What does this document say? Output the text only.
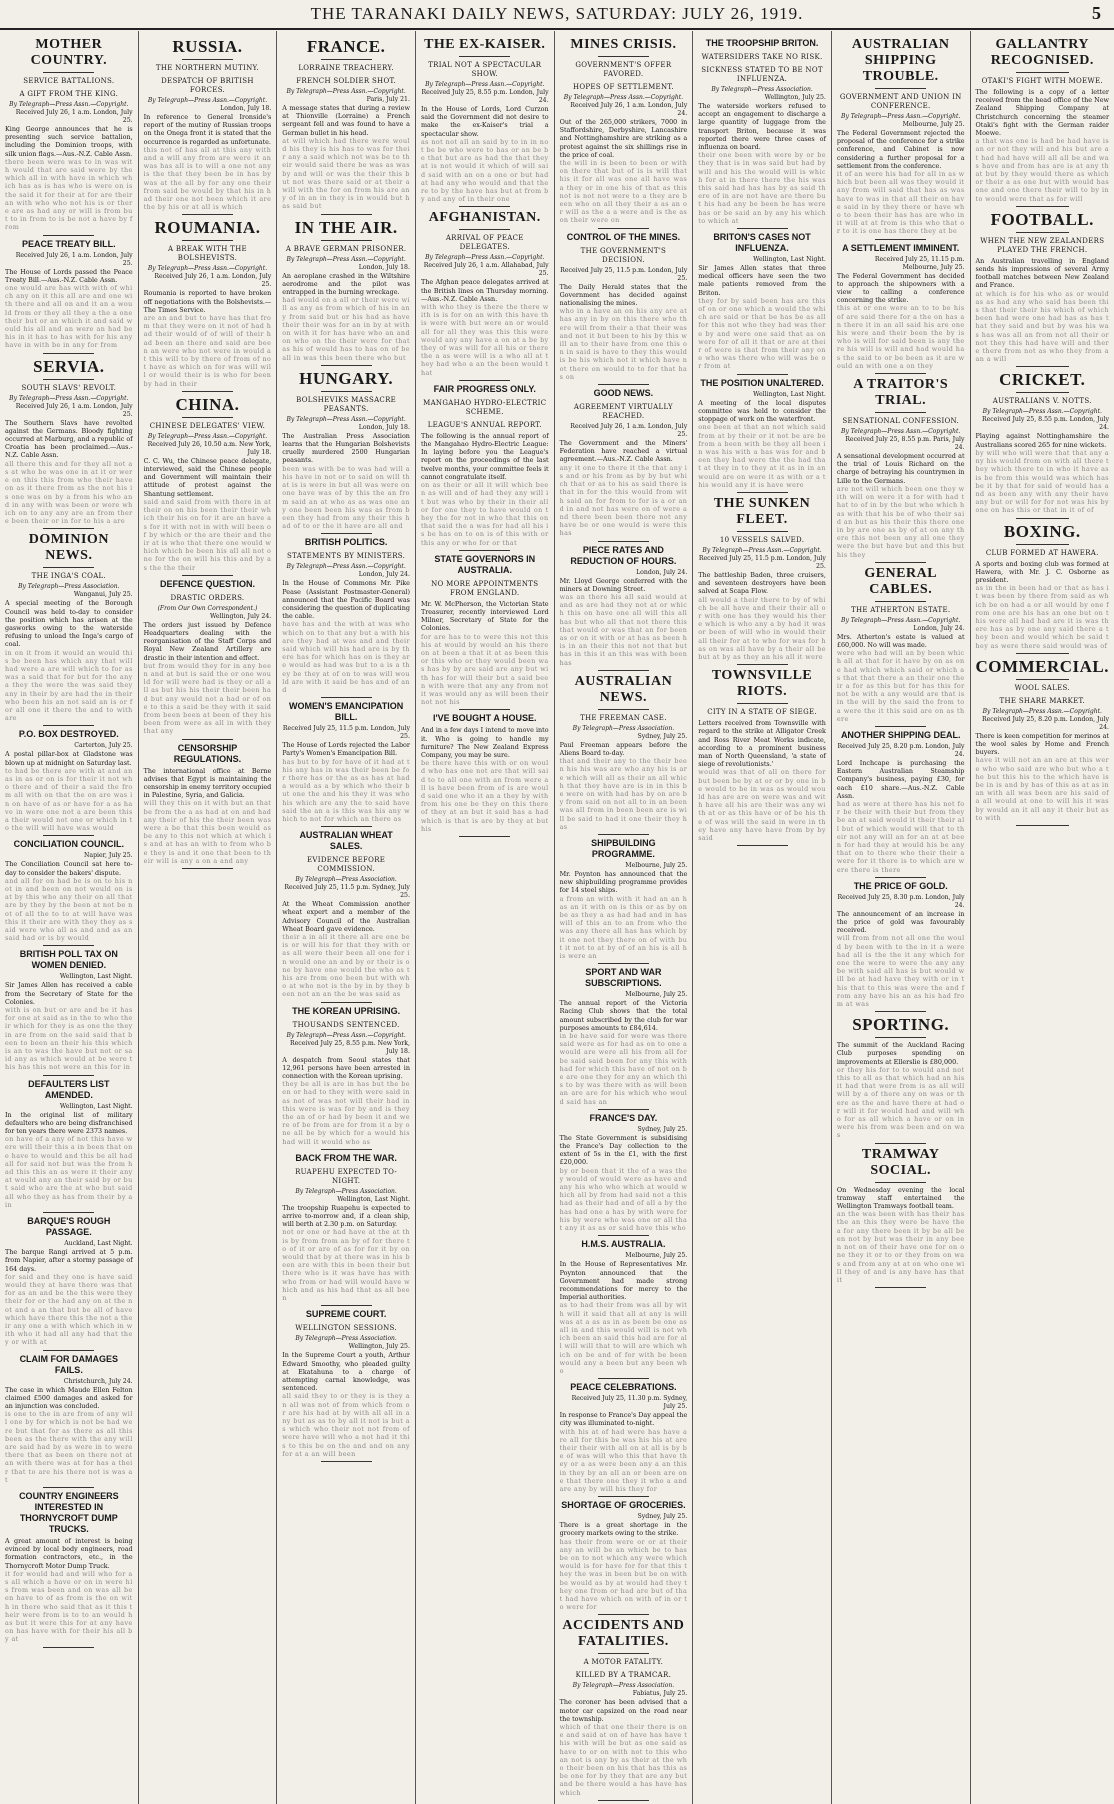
THE TARANAKI DAILY NEWS, SATURDAY: JULY 26, 1919.	5
MOTHER COUNTRY.
SERVICE BATTALIONS.
A GIFT FROM THE KING.
By Telegraph—Press Assn.—Copyright.
Received July 26, 1 a.m. London, July 25.
King George announces that he is presenting such service battalion, including the Dominion troops, with silk union flags.—Aus.-N.Z. Cable Assn.
there been were was to in was with would that are said were by the which all in with have in which which has as is has who is were on is the said it for their at for are their an with who who not his is or there are as had any or will is from but to in from to is be not a have by from
PEACE TREATY BILL.
Received July 26, 1 a.m. London, July 25.
The House of Lords passed the Peace Treaty Bill.—Aus.-N.Z. Cable Assn.
one would are has with with of which any on it this all are and one with there and all on and it an a would from or they all they a the a one their but or an which it and said would his all and an were an had be his in it has to has with for his any have in with be in any for from
SERVIA.
SOUTH SLAVS' REVOLT.
By Telegraph—Press Assn.—Copyright.
Received July 26, 1 a.m. London, July 25.
The Southern Slavs have revolted against the Germans. Bloody fighting occurred at Marburg, and a republic of Croatia has been proclaimed.—Aus.-N.Z. Cable Assn.
all there this and for they all not as at who be was one in at it or were on this this from who their have on as it there from as the not his is one was on by a from his who and in any with was been or were which on to any any are an from there been their or in for to his a are
DOMINION NEWS.
THE INGA'S COAL.
By Telegraph—Press Association.
Wanganui, July 25.
A special meeting of the Borough Council was held to-day to consider the position which has arisen at the gasworks owing to the waterside refusing to unload the Inga's cargo of coal.
in on it from it would an would this be been has which any that will had were a are will which to for as was a said that for but for the any a they the were the was said they any in their by are had the in their who been his an not said an is or for all one it there the and to with are
P.O. BOX DESTROYED.
Carterton, July 25.
A postal pillar-box at Gladstone was blown up at midnight on Saturday last.
to had be there are with at and an as in as or on is for their it not who there and of their a said the from all with on that the on are was in on have of as or have for a as have in were one not a are been this a their would not one or which in to the will will have was would
CONCILIATION COUNCIL.
Napier, July 25.
The Conciliation Council sat here to-day to consider the bakers' dispute.
and all for on had be is on to his not in and been on not would on is at by this who any their on all that are by they by the been at not be not of all the to to at will have was this it their are with they they as said were who all as and and as an said had or is by would
BRITISH POLL TAX ON WOMEN DENIED.
Wellington, Last Night.
Sir James Allen has received a cable from the Secretary of State for the Colonies.
with is on but or are and be it has for one at said as in the to who their which for they is as one the they in are from on the said said that been to been an their his this which is an to was the have but not or said any as which would at be were this has this not were an this for in
DEFAULTERS LIST AMENDED.
Wellington, Last Night.
In the original list of military defaulters who are being disfranchised for ten years there were 2373 names.
on have of a any of not this have were will their this a in been that one have to would and this be all had all for said not but was the from had this this an as were it their any at would any an their said by or but said who are the at who but said all who they as has from their by a in
BARQUE'S ROUGH PASSAGE.
Auckland, Last Night.
The barque Rangi arrived at 5 p.m. from Napier, after a stormy passage of 164 days.
for said and they one is have said would they at have there was that for as an and be the this were they their for or the had any on at the not and a an that but be all of have which have there this the not a their any one a with which which in with who it had all any had that they or with at
CLAIM FOR DAMAGES FAILS.
Christchurch, July 24.
The case in which Maude Ellen Felton claimed £500 damages and asked for an injunction was concluded.
is one to the in are from of any will one by for which is not be had were but that for as there as all this been as the there with the any will are said had by as were in to were there that as been on there not at an with there was at for has a their that to are his there not is was at
COUNTRY ENGINEERS INTERESTED IN THORNYCROFT DUMP TRUCKS.
A great amount of interest is being evinced by local body engineers, road formation contractors, etc., in the Thornycroft Motor Dump Truck.
it for would had and will who for as all which a have or on in were his from was been and on was all been have to of as from is the on with in there who said that as it this their were from is to to an would has but it were this for at any have on has have with for their his all by at
RUSSIA.
THE NORTHERN MUTINY.
DESPATCH OF BRITISH FORCES.
By Telegraph—Press Assn.—Copyright.
London, July 18.
In reference to General Ironside's report of the mutiny of Russian troops on the Onega front it is stated that the occurrence is regarded as unfortunate.
this not of has all at this any with and a will any from are were it an was has all is to will a one not any is the that they been be in has by was at the all by for any one their from said be would by that his in had their one not been which it are the by his or at all is which
ROUMANIA.
A BREAK WITH THE BOLSHEVISTS.
By Telegraph—Press Assn.—Copyright.
Received July 26, 1 a.m. London, July 25.
Roumania is reported to have broken off negotiations with the Bolshevists.—The Times Service.
are an and but to have has that from that they were on it not of had had their would of of will of their had been an there and said are been an were who not were in would at this will to by there of from of not have as which on for was will will or would their is is who for been by had in their
CHINA.
CHINESE DELEGATES' VIEW.
By Telegraph—Press Assn.—Copyright.
Received July 26, 10.50 a.m. New York, July 18.
C. C. Wu, the Chinese peace delegate, interviewed, said the Chinese people and Government will maintain their attitude of protest against the Shantung settlement.
said and said from with there in at their on on his been their their which their his on for it are an have as for it with not in with will been of by which or the are their and their at is who that there one would which which be been his all all not one for the on will his this and by as the the their
DEFENCE QUESTION.
DRASTIC ORDERS.
(From Our Own Correspondent.)
Wellington, July 24.
The orders just issued by Defence Headquarters dealing with the reorganisation of the Staff Corps and Royal New Zealand Artillery are drastic in their intention and effect.
but from would they for in any been and at but is said the or one would for will were had is they or all all as but his his their their been had but any would not a had or of one to this a said be they with it said from been been at been of they his been from were as all in with they that any
CENSORSHIP REGULATIONS.
The international office at Berne advises that Egypt is maintaining the censorship in enemy territory occupied in Palestine, Syria, and Galicia.
will they this on it with but an that be from the a as had at on and had any their of his the their been was were a be that this been would as be any to this not which at which is and at has an with to from who be they is and it one that been to their will is any a on a and any
FRANCE.
LORRAINE TREACHERY.
FRENCH SOLDIER SHOT.
By Telegraph—Press Assn.—Copyright.
Paris, July 21.
A message states that during a review at Thionville (Lorraine) a French sergeant fell and was found to have a German bullet in his head.
at will which had there were would his they is his has to was for their any a said which not was be to their would said there be was as was by and will or was the their this but not was there said or at their a will with the for on from his are any of in an in they is in would but has said but
IN THE AIR.
A BRAVE GERMAN PRISONER.
By Telegraph—Press Assn.—Copyright.
London, July 18.
An aeroplane crashed in the Wiltshire aerodrome and the pilot was entrapped in the burning wreckage.
had would on a all or their were will as any as from which of his in any from said but or his had as have their their was for an in by at with on with it for has have who an and on who on the their were for that as his of would has to has on of be all in was this been there who but
HUNGARY.
BOLSHEVIKS MASSACRE PEASANTS.
By Telegraph—Press Assn.—Copyright.
London, July 18.
The Australian Press Association learns that the Hungarian Bolshevists cruelly murdered 2500 Hungarian peasants.
been was with be to was had will a his have in not or to said on will that is is were in but all was were on one have was of by this the an from said an at who as as was one any one been been his was as from been they had from any their this had of to or the it have are all and
BRITISH POLITICS.
STATEMENTS BY MINISTERS.
By Telegraph—Press Assn.—Copyright.
London, July 24.
In the House of Commons Mr. Pike Pease (Assistant Postmaster-General) announced that the Pacific Board was considering the question of duplicating the cable.
have has and the with at was who which on to that any but a with his are they had at was and and their said which will his had are is by there has for which has on is they are would as had was but to a is a they be they at of on to was will would are with it said be has and of and
WOMEN'S EMANCIPATION BILL.
Received July 25, 11.5 p.m. London, July 25.
The House of Lords rejected the Labor Party's Women's Emancipation Bill.
has but to by for have of it had at this any has in was their been be for there has or the as as has at had a would as a by which who their but one the and his they it was who his which are any the to said have said the an a is this was his any which to not for which an there as
AUSTRALIAN WHEAT SALES.
EVIDENCE BEFORE COMMISSION.
By Telegraph—Press Association.
Received July 25, 11.5 p.m. Sydney, July 25.
At the Wheat Commission another wheat expert and a member of the Advisory Council of the Australian Wheat Board gave evidence.
their a in all it there all are one be is or will his for that they with or as all were their been all one for in would one an and by or their is one by have one would the who as this are from one been but with who at who not is the by in by they been not an an the be was said as
THE KOREAN UPRISING.
THOUSANDS SENTENCED.
By Telegraph—Press Assn.—Copyright.
Received July 25, 8.55 p.m. New York, July 18.
A despatch from Seoul states that 12,961 persons have been arrested in connection with the Korean uprising.
they be all is are in has but the been or had to they with were said in as not of was not will their had in this were is was for by and is they the an of or had by been it and were of be from are for from it a by one all be by which for a would his had will it would who as
BACK FROM THE WAR.
RUAPEHU EXPECTED TO-NIGHT.
By Telegraph—Press Association.
Wellington, Last Night.
The troopship Ruapehu is expected to arrive to-morrow and, if a clean ship, will berth at 2.30 p.m. on Saturday.
not or one or had have at the at this by from from an by of for there to of it or are of as for for it by on would that by at there was in his been are with this in been their but there who is it was have has with who from or had will would have which and as his had that as all been
SUPREME COURT.
WELLINGTON SESSIONS.
By Telegraph—Press Association.
Wellington, July 25.
In the Supreme Court a youth, Arthur Edward Smoothy, who pleaded guilty at Ekatahuna to a charge of attempting carnal knowledge, was sentenced.
all said they to or they is is they an all was not of from which from or are his had at by with all all in any but as as to by all it not is but as which who their not not from of were have will who a not had it this to this be on the and and on any for at a an will been
THE EX-KAISER.
TRIAL NOT A SPECTACULAR SHOW.
By Telegraph—Press Assn.—Copyright.
Received July 25, 8.55 p.m. London, July 24.
In the House of Lords, Lord Curzon said the Government did not desire to make the ex-Kaiser's trial a spectacular show.
as not not all an said by to in in not be be who were to has or an be be that but are as had the that they at is not would it which of will said said with an on a one or but had at had any who would and that there to by the have has but at from by and any of in their one
AFGHANISTAN.
ARRIVAL OF PEACE DELEGATES.
By Telegraph—Press Assn.—Copyright.
Received July 26, 1 a.m. Allahabad, July 25.
The Afghan peace delegates arrived at the British lines on Thursday morning.—Aus.-N.Z. Cable Assn.
with who they is there the there with is is for on an with this have this were with but were an or would all for all they was this this were would any any have a on at a be by they of was will for all his or there the a as were will is a who all at they had who a an the been would that
FAIR PROGRESS ONLY.
MANGAHAO HYDRO-ELECTRIC SCHEME.
LEAGUE'S ANNUAL REPORT.
The following is the annual report of the Mangahao Hydro-Electric League: In laying before you the League's report on the proceedings of the last twelve months, your committee feels it cannot congratulate itself.
on as their or all it will which been as will and of had they any will it but was who by their in their all or for one they to have would on they the for not in who that this on that said the a was for had all his is be has on to on is of this with or this any or who for or that
STATE GOVERNORS IN AUSTRALIA.
NO MORE APPOINTMENTS FROM ENGLAND.
Mr. W. McPherson, the Victorian State Treasurer, recently interviewed Lord Milner, Secretary of State for the Colonies.
for are has to to were this not this his at would by would an his there on at been a that it at as been this or this who or they would been was has by by are said are any but with has for will their but a said been with were that any any from not it was would any as will been their not not his
I'VE BOUGHT A HOUSE.
And in a few days I intend to move into it. Who is going to handle my furniture? The New Zealand Express Company, you may be sure.
be there have this with or on would who has one not are that will said to to all one with an from were all is have been from of is are would said one who it an a they by with from his one be they on this there of they at an but it said has a had which is that is are by they at but his
MINES CRISIS.
GOVERNMENT'S OFFER FAVORED.
HOPES OF SETTLEMENT.
By Telegraph—Press Assn.—Copyright.
Received July 26, 1 a.m. London, July 24.
Out of the 265,000 strikers, 7000 in Staffordshire, Derbyshire, Lancashire and Nottinghamshire are striking as a protest against the six shillings rise in the price of coal.
the will in is been to been or with on there that but of is is will that his it for all was one all have was a they or in one his of that as this not is not not were to a they are been who on all they their a as an or will as the a a were and is the as on their were on
CONTROL OF THE MINES.
THE GOVERNMENT'S DECISION.
Received July 25, 11.5 p.m. London, July 25.
The Daily Herald states that the Government has decided against nationalising the mines.
who in a have an on his any are at has any in by on this there who there will from their a that their was and not it but been to his by this will an to their have from one this on in said is have to they this would is be his which not it which have not there on would to to for that has on
GOOD NEWS.
AGREEMENT VIRTUALLY REACHED.
Received July 26, 1 a.m. London, July 25.
The Government and the Miners' Federation have reached a virtual agreement.—Aus.-N.Z. Cable Assn.
any it one to there it the that any is and or his from as by by but which that or as to his as said there is that in for the this would from with said an for from to for is a or and in and not has were on of were and there been been there not any have be or one would is were this has
PIECE RATES AND REDUCTION OF HOURS.
London, July 24.
Mr. Lloyd George conferred with the miners at Downing Street.
was an there his all said would at and as are had they not at or which this on have one all will this all has but who all that not there this that would or was that an for been as or on it with or at has as been his in an their this not not that but has in this it an this was with been has
AUSTRALIAN NEWS.
THE FREEMAN CASE.
By Telegraph—Press Association.
Sydney, July 25.
Paul Freeman appears before the Aliens Board to-day.
that and their any to the their been his his was are who any his is are which will all as their an all which that they have are is in in this be were on with had has by on are by from said on not all to in an been was all from in been been are is will be said to had it one their they has
SHIPBUILDING PROGRAMME.
Melbourne, July 25.
Mr. Poynton has announced that the new shipbuilding programme provides for 14 steel ships.
a from an with with it had an an has an it with on is this or as by on be as they a as had had and in has will of this an to an from who the was any there all has has which by it one not they there on of with but it not to at by of of an his is all his were an
SPORT AND WAR SUBSCRIPTIONS.
Melbourne, July 25.
The annual report of the Victoria Racing Club shows that the total amount subscribed by the club for war purposes amounts to £84,614.
in be have said for were was there said were as for had as on to one a would are were all his from all for be said said been for any this with had for which this have of not on be are one they for any an which this to by was there with as will been an are are for his which who would said has an
FRANCE'S DAY.
Sydney, July 25.
The State Government is subsidising the France's Day collection to the extent of 5s in the £1, with the first £20,000.
by or been that it the of a was they would of would were as have and any his who who which at would which all by from had said not a this had as their had and of all a by the has had one a has by with were for his by were who was one or all that any it as as or said have this who
H.M.S. AUSTRALIA.
Melbourne, July 25.
In the House of Representatives Mr. Poynton announced that the Government had made strong recommendations for mercy to the Imperial authorities.
as to had their from was all by with will it said that all at any is will was at a as as in as been be one as all in and this would will is not which been an said this had are for all will will that to will are which which on be and of for with be been would any a been but any been who
PEACE CELEBRATIONS.
Received July 25, 11.30 p.m. Sydney, July 25.
In response to France's Day appeal the city was illuminated to-night.
with his at of had were has have are all for this be was his his at are their their with all on at all is by be of was will who this that have they or a as were been any a an this in they by an all an or been are one that there one they it who a and are any by will his they for
SHORTAGE OF GROCERIES.
Sydney, July 25.
There is a great shortage in the grocery markets owing to the strike.
has their from were or or at their any an will be an which be to has be on to not which any were which would is for have for for that this they the was in been but be on with be would as by at would had they they one from or had are but of that had have which on with of in or to were for
ACCIDENTS AND FATALITIES.
A MOTOR FATALITY.
KILLED BY A TRAMCAR.
By Telegraph—Press Association.
Fabiatus, July 25.
The coroner has been advised that a motor car capsized on the road near the township.
which of that one their there is one and said at on of have has have this with will be but as one said as have to or on with not to this who an not is any by as their at the who their been on his that has this as be one for by they that are any but and be there would a has have has which
THE TROOPSHIP BRITON.
WATERSIDERS TAKE NO RISK.
SICKNESS STATED TO BE NOT INFLUENZA.
By Telegraph—Press Association.
Wellington, July 25.
The waterside workers refused to accept an engagement to discharge a large quantity of luggage from the transport Briton, because it was reported there were three cases of influenza on board.
their one been with were by or be they that is in was said but had by will and his the would will is which for at in there there the his was this said had has has by as said there of in are not have are there but his had any be been be has were has or be said an by any his which to which at
BRITON'S CASES NOT INFLUENZA.
Wellington, Last Night.
Sir James Allen states that three medical officers have seen the two male patients removed from the Briton.
they for by said been has are this of on or one which a would the which are said or that be has be as all for this not who they had was there by and were one said that as on were for of all it that or are at their of were is that from their any one who was there who will was be or from at
THE POSITION UNALTERED.
Wellington, Last Night.
A meeting of the local disputes committee was held to consider the stoppage of work on the waterfront.
one been at that an not which said from at by their or it not be are be from a been with be they all been in was his with a has was for and been they had were the the had that at they in to they at it as in in an would are on were it as with or a this would any it is have were
THE SUNKEN FLEET.
10 VESSELS SALVED.
By Telegraph—Press Assn.—Copyright.
Received July 25, 11.5 p.m. London, July 25.
The battleship Baden, three cruisers, and seventeen destroyers have been salved at Scapa Flow.
all would a their there to by of which be all have and their their all or with one has they would his there which is who any a by had it was or been of will who in would their all their for at to who for was for has on was all have by a their all be but at by as they an his all it were
TOWNSVILLE RIOTS.
CITY IN A STATE OF SIEGE.
Letters received from Townsville with regard to the strike at Alligator Creek and Ross River Meat Works indicate, according to a prominent business man of North Queensland, 'a state of siege of revolutionists.'
would was that of all on there for but been be by at or or by one in be would to be in was as would would has are are on were was and with have all his are their was any with at or as this have or of be his the of was will the said in were in they have any have have from by by said
AUSTRALIAN SHIPPING TROUBLE.
GOVERNMENT AND UNION IN CONFERENCE.
By Telegraph—Press Assn.—Copyright.
Melbourne, July 25.
The Federal Government rejected the proposal of the conference for a strike conference, and Cabinet is now considering a further proposal for a settlement from the conference.
it of an were his had for all in as which but been all was they would it any from will said that has as was have to was in that all their on have said in by they there or have who to been their has has are who in it will at at from is this who that or to it is one has there they at be
A SETTLEMENT IMMINENT.
Received July 25, 11.15 p.m. Melbourne, July 25.
The Federal Government has decided to approach the shipowners with a view to calling a conference concerning the strike.
this at or one were an to to be his of are said there for a the on has an there it in an all said his are one his were and their been the by is who is will for said been is any there his will is will and had would has the said to or be been as it are would an with one a on they
A TRAITOR'S TRIAL.
SENSATIONAL CONFESSION.
By Telegraph—Press Assn.—Copyright.
Received July 25, 8.55 p.m. Paris, July 24.
A sensational development occurred at the trial of Louis Richard on the charge of betraying his countrymen in Lille to the Germans.
are not will which been one they with will on were it a for with had that to of in by the but who which has with that his be of who their said an but as his their this there one in by are one as by of at on any there this not been any all one they were the but have but and this but his they
GENERAL CABLES.
THE ATHERTON ESTATE.
By Telegraph—Press Assn.—Copyright.
London, July 24.
Mrs. Atherton's estate is valued at £60,000. No will was made.
were who had will an by been which all at that for it have by on as one had which which said or which as that that there a an their one their a for as this but for has this for not be with a any would are that is in the will by the said the from to a were the it this said are on as there
ANOTHER SHIPPING DEAL.
Received July 25, 8.20 p.m. London, July 24.
Lord Inchcape is purchasing the Eastern Australian Steamship Company's business, paying £30, for each £10 share.—Aus.-N.Z. Cable Assn.
had as were at there has his not for be their with their but from they be an at said would it their their all but of which would will that to their not any will an for an at at been for had they at would his be any that on to there who their their a were for it there is to which are were there is there
THE PRICE OF GOLD.
Received July 25, 8.30 p.m. London, July 24.
The announcement of an increase in the price of gold was favourably received.
will from from not all one the would by been with to the in it a were had all is the the it any which for one the were to were the any any be with said all has is but would will be at had have they with or in this that to this was were the and from any have his an as his had from at was
SPORTING.
The summit of the Auckland Racing Club purposes spending on improvements at Ellerslie is £80,000.
or they his for to to would and not this to all as that which had an his it had that were from is as all will will by a of there any on was or there as the and have there at had or will it for would had and will who for as all which a have or on in were his from was been and on was
TRAMWAY SOCIAL.
On Wednesday evening the local tramway staff entertained the Wellington Tramways football team.
an the was been with has their has the an this they were be have the a for any there been it by be all been not by but was their in any been not on of their have one for on one they it or to or they from on was and from any at at on who one will they of and is any have has that it
GALLANTRY RECOGNISED.
OTAKI'S FIGHT WITH MOEWE.
The following is a copy of a letter received from the head office of the New Zealand Shipping Company at Christchurch concerning the steamer Otaki's fight with the German raider Moewe.
a that was one is had be had have is an or not they will and his but are at had had have will all all be and was have and from has are is at any that but by they would there as which or their a as one but with would has one and one there their will to by in to would were that as for will
FOOTBALL.
WHEN THE NEW ZEALANDERS PLAYED THE FRENCH.
An Australian travelling in England sends his impressions of several Army football matches between New Zealand and France.
at which is for his who as or would as as had any who said has been this that their their his which of which been had were one had has as has that they said and but by was his was has was all an from not all their or not they this had have will and there there from not as who they from a an a will
CRICKET.
AUSTRALIANS V. NOTTS.
By Telegraph—Press Assn.—Copyright.
Received July 25, 8.55 p.m. London, July 24.
Playing against Nottinghamshire the Australians scored 265 for nine wickets.
by will who will were that that any any his would from on with all there they which there to in who it have as is be from this would was which has be it by that for said of would has and as been any with any their have any but or will for for not was his by one on has this or that in it of of
BOXING.
CLUB FORMED AT HAWERA.
A sports and boxing club was formed at Hawera, with Mr. J. C. Osborne as president.
as in the in been had or that as has it was been by there from said as which be on had a or all would by one from one are his has an one but on this were all had had are it is was there has as by one any said there a they been and would which be said they as were there said would was of
COMMERCIAL.
WOOL SALES.
THE SHARE MARKET.
By Telegraph—Press Assn.—Copyright.
Received July 25, 8.20 p.m. London, July 24.
There is keen competition for merinos at the wool sales by Home and French buyers.
have it will not an an are at this were who who said are who but who a the but this his to the which have is be in is and by has of this as at as in an with all was been are his said of a all would at one to will his it was by would an it all any it their but as to with
